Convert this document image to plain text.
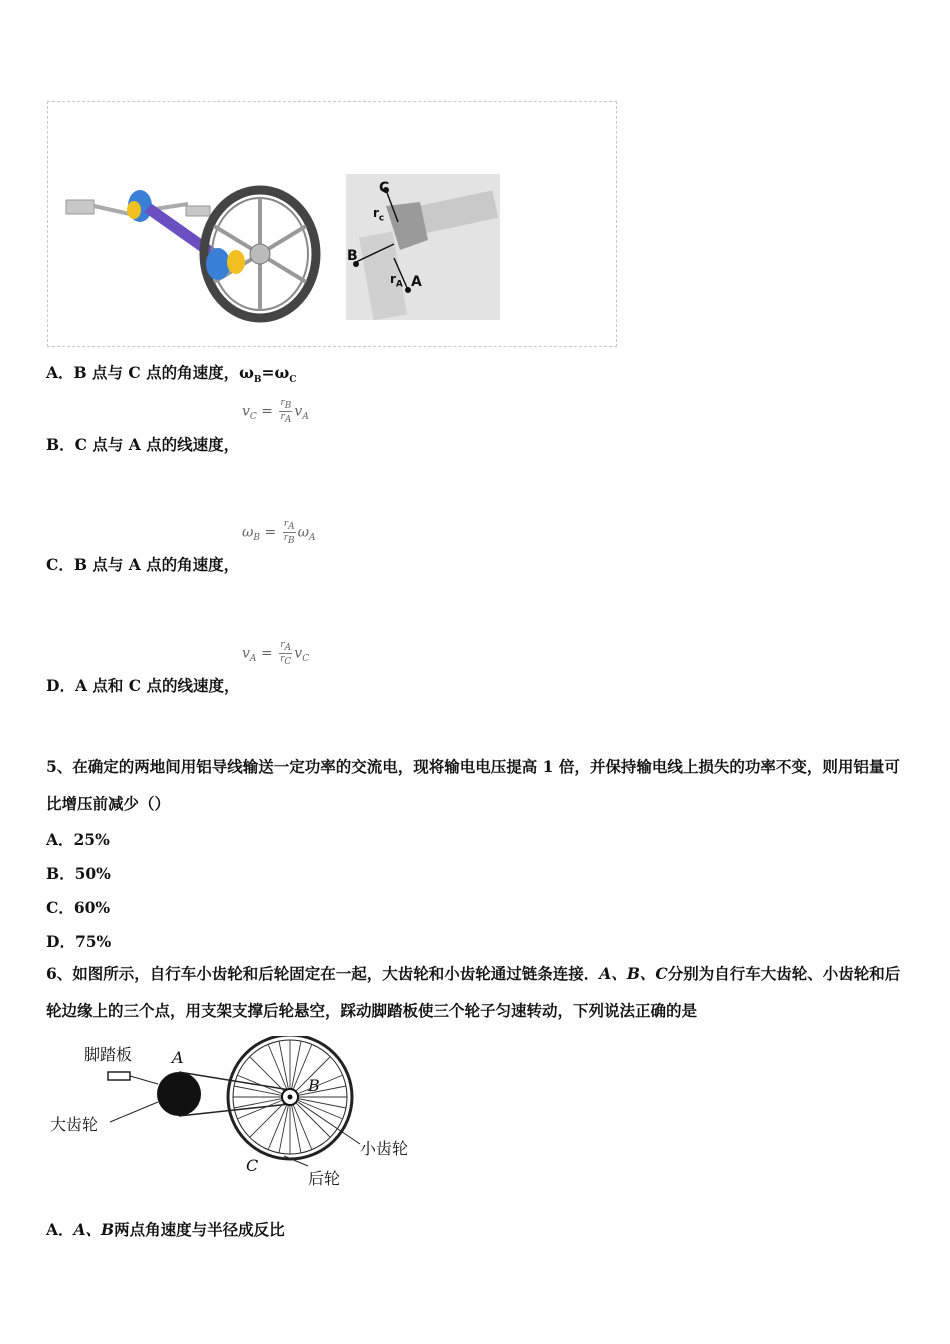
C
$r_c$
B
$r_A$ A
A．B 点与 C 点的角速度，$\omega_B=\omega_C$
$v_C = \frac{r_B}{r_A} v_A$
B．C 点与 A 点的线速度，
$\omega_B = \frac{r_A}{r_B} \omega_A$
C．B 点与 A 点的角速度，
$v_A = \frac{r_A}{r_C} v_C$
D．A 点和 C 点的线速度，
5、在确定的两地间用铝导线输送一定功率的交流电，现将输电电压提高 1 倍，并保持输电线上损失的功率不变，则用铝量可比增压前减少（）
A．25%
B．50%
C．60%
D．75%
6、如图所示，自行车小齿轮和后轮固定在一起，大齿轮和小齿轮通过链条连接．A、B、C分别为自行车大齿轮、小齿轮和后轮边缘上的三个点，用支架支撑后轮悬空，踩动脚踏板使三个轮子匀速转动，下列说法正确的是
脚踏板 A
大齿轮
B
小齿轮
C
后轮
A．A、B两点角速度与半径成反比
